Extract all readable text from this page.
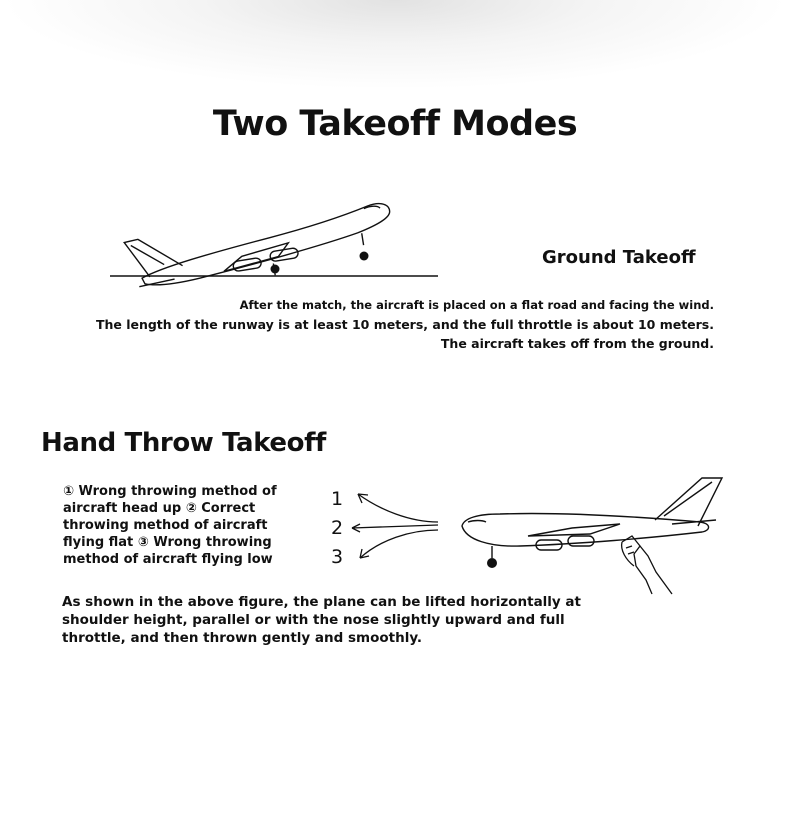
Two Takeoff Modes
Ground Takeoff
After the match, the aircraft is placed on a flat road and facing the wind.
The length of the runway is at least 10 meters, and the full throttle is about 10 meters.
The aircraft takes off from the ground.
Hand Throw Takeoff
① Wrong throwing method of aircraft head up ② Correct throwing method of aircraft flying flat ③ Wrong throwing method of aircraft flying low
1
2
3
As shown in the above figure, the plane can be lifted horizontally at shoulder height, parallel or with the nose slightly upward and full throttle, and then thrown gently and smoothly.
